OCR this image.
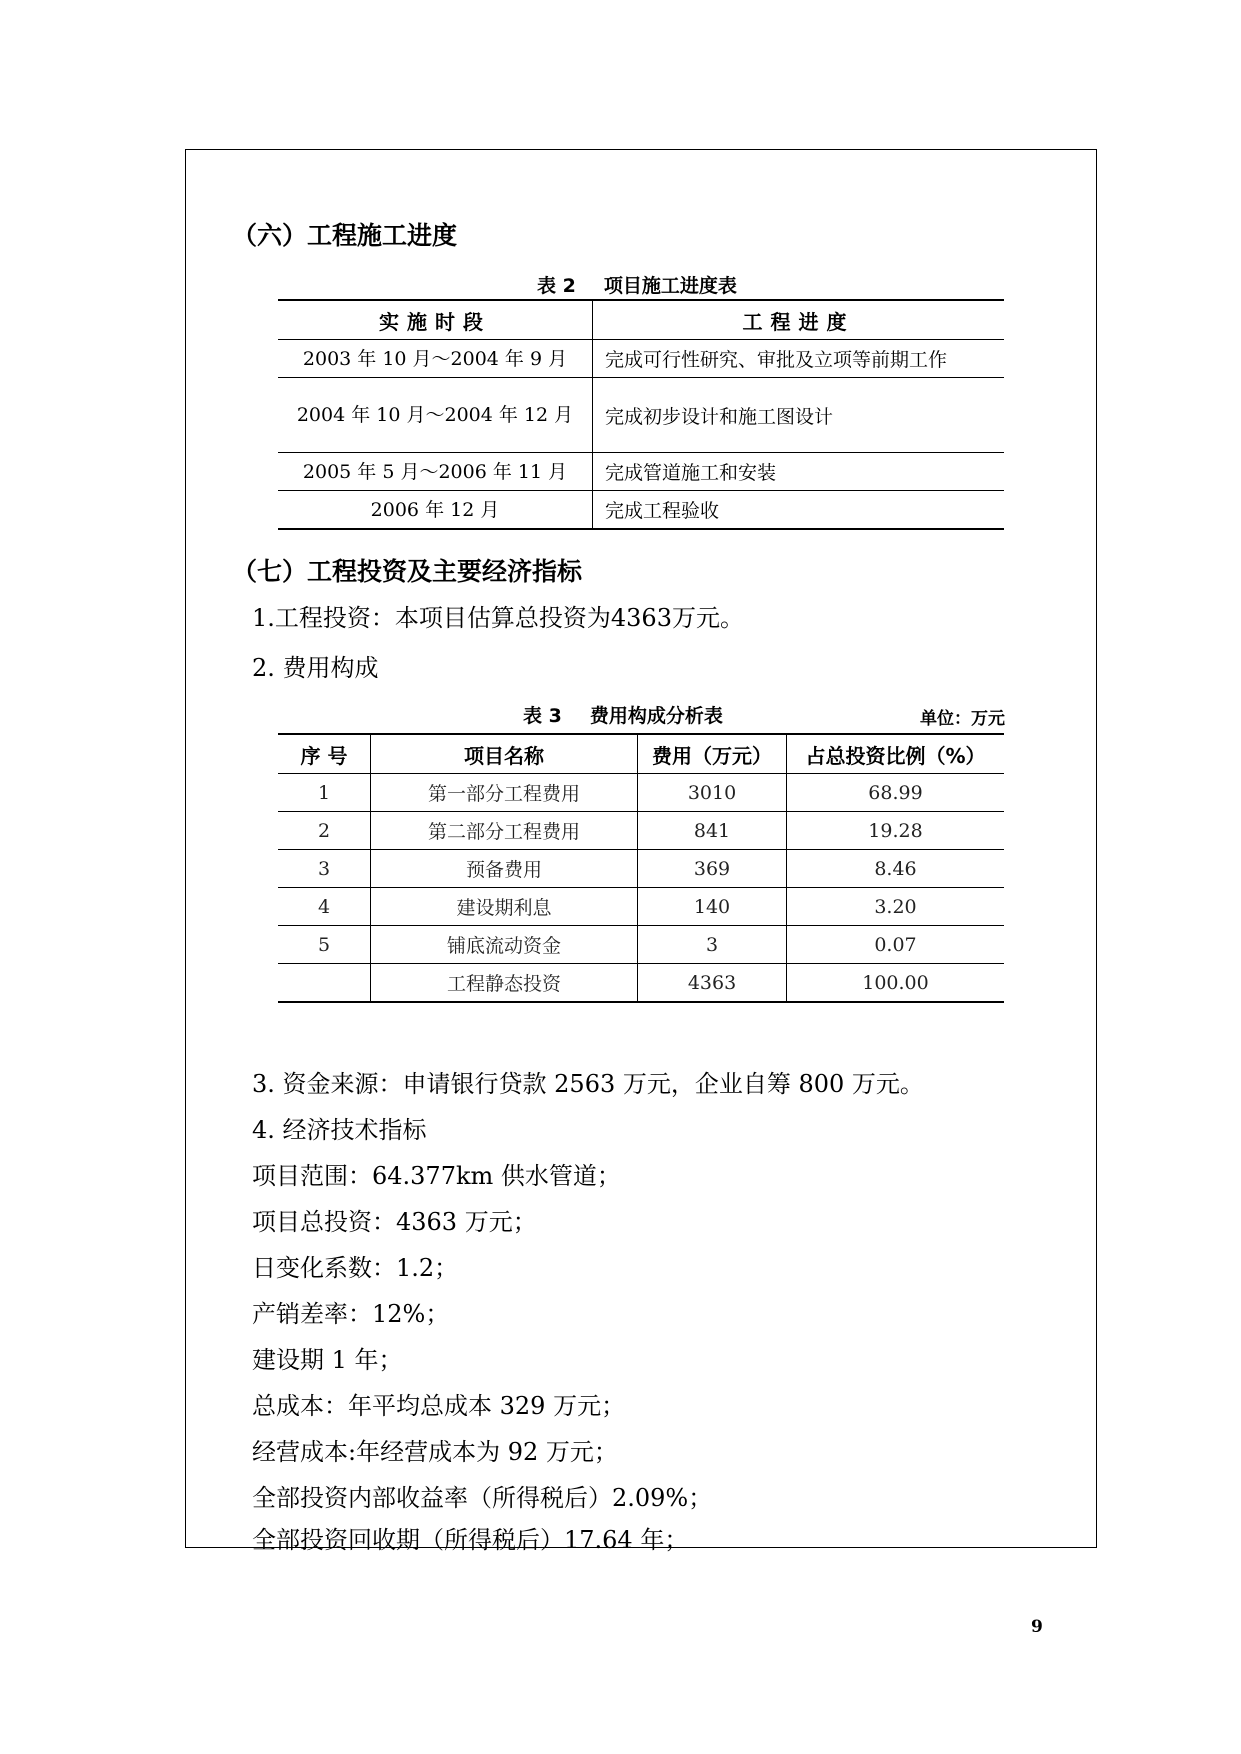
（六）工程施工进度
表 2 项目施工进度表
实施时段	工程进度
2003 年 10 月～2004 年 9 月	完成可行性研究、审批及立项等前期工作
2004 年 10 月～2004 年 12 月	完成初步设计和施工图设计
2005 年 5 月～2006 年 11 月	完成管道施工和安装
2006 年 12 月	完成工程验收
（七）工程投资及主要经济指标
1.工程投资：本项目估算总投资为4363万元。
2. 费用构成
表 3 费用构成分析表	单位：万元
序 号	项目名称	费用（万元）	占总投资比例（%）
1	第一部分工程费用	3010	68.99
2	第二部分工程费用	841	19.28
3	预备费用	369	8.46
4	建设期利息	140	3.20
5	铺底流动资金	3	0.07
	工程静态投资	4363	100.00
3. 资金来源：申请银行贷款 2563 万元，企业自筹 800 万元。
4. 经济技术指标
项目范围：64.377km 供水管道；
项目总投资：4363 万元；
日变化系数：1.2；
产销差率：12%；
建设期 1 年；
总成本：年平均总成本 329 万元；
经营成本:年经营成本为 92 万元；
全部投资内部收益率（所得税后）2.09%；
全部投资回收期（所得税后）17.64 年；
9
